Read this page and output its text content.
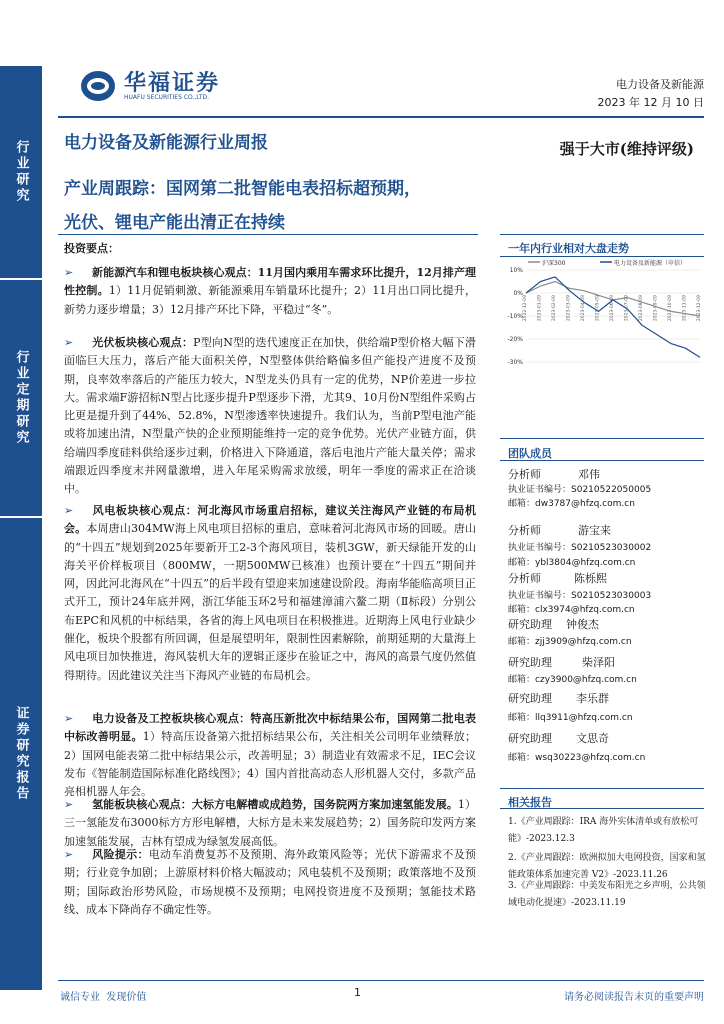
华福证券
HUAFU SECURITIES CO.,LTD.
电力设备及新能源
2023 年 12 月 10 日
行业研究
行业定期研究
证券研究报告
电力设备及新能源行业周报	强于大市(维持评级)
产业周跟踪：国网第二批智能电表招标超预期，
光伏、锂电产能出清正在持续
投资要点：
➢	新能源汽车和锂电板块核心观点：11月国内乘用车需求环比提升，12月排产理性控制。1）11月促销刺激、新能源乘用车销量环比提升；2）11月出口同比提升，新势力逐步增量；3）12月排产环比下降，平稳过“冬”。

➢	光伏板块核心观点：P型向N型的迭代速度正在加快，供给端P型价格大幅下滑面临巨大压力，落后产能大面积关停，N型整体供给略偏多但产能投产进度不及预期，良率效率落后的产能压力较大，N型龙头仍具有一定的优势，NP价差进一步拉大。需求端F游招标N型占比逐步提升P型逐步下滑，尤其9、10月份N型组件采购占比更是提升到了44%、52.8%，N型渗透率快速提升。我们认为，当前P型电池产能或将加速出清，N型量产快的企业预期能维持一定的竞争优势。光伏产业链方面，供给端四季度硅料供给逐步过剩，价格进入下降通道，落后电池片产能大量关停；需求端跟近四季度末并网量激增，进入年尾采购需求放缓，明年一季度的需求正在洽谈中。

➢	风电板块核心观点：河北海风市场重启招标，建议关注海风产业链的布局机会。本周唐山304MW海上风电项目招标的重启，意味着河北海风市场的回暖。唐山的“十四五”规划到2025年要新开工2-3个海风项目，装机3GW，新天绿能开发的山海关平价样板项目（800MW，一期500MW已核准）也预计要在“十四五”期间并网，因此河北海风在“十四五”的后半段有望迎来加速建设阶段。海南华能临高项目正式开工，预计24年底并网，浙江华能玉环2号和福建漳浦六鳌二期（Ⅱ标段）分别公布EPC和风机的中标结果，各省的海上风电项目在积极推进。近期海上风电行业缺少催化，板块个股都有所回调，但是展望明年，限制性因素解除，前期延期的大量海上风电项目加快推进，海风装机大年的逻辑正逐步在验证之中，海风的高景气度仍然值得期待。因此建议关注当下海风产业链的布局机会。

➢	电力设备及工控板块核心观点：特高压新批次中标结果公布，国网第二批电表中标改善明显。1）特高压设备第六批招标结果公布，关注相关公司明年业绩释放；2）国网电能表第二批中标结果公示，改善明显；3）制造业有效需求不足，IEC会议发布《智能制造国际标准化路线图》；4）国内首批高动态人形机器人交付，多款产品亮相机器人年会。

➢	氢能板块核心观点：大标方电解槽或成趋势，国务院两方案加速氢能发展。1）三一氢能发布3000标方方形电解槽，大标方是未来发展趋势；2）国务院印发两方案加速氢能发展，吉林有望成为绿氢发展高低。

➢	风险提示：电动车消费复苏不及预期、海外政策风险等；光伏下游需求不及预期；行业竞争加剧；上游原材料价格大幅波动；风电装机不及预期；政策落地不及预期；国际政治形势风险，市场规模不及预期；电网投资进度不及预期；氢能技术路线、成本下降尚存不确定性等。

一年内行业相对大盘走势
沪深300	电力设备及新能源（申信）
10%
0%
-10%
-20%
-30%
2022-12-09 2023-01-09 2023-02-09 2023-03-09 2023-04-09 2023-05-09 2023-06-09 2023-07-09 2023-08-09 2023-09-09 2023-10-09 2023-11-09 2023-12-09
团队成员
分析师	邓伟
执业证书编号：S0210522050005
邮箱：dw3787@hfzq.com.cn
分析师	游宝来
执业证书编号：S0210523030002
邮箱：ybl3804@hfzq.com.cn
分析师	陈栎熙
执业证书编号：S0210523030003
邮箱：clx3974@hfzq.com.cn
研究助理 钟俊杰
邮箱：zjj3909@hfzq.com.cn
研究助理	柴泽阳
邮箱：czy3900@hfzq.com.cn
研究助理 李乐群
邮箱：llq3911@hfzq.com.cn
研究助理 文思奇
邮箱：wsq30223@hfzq.com.cn
相关报告
1.《产业周跟踪：IRA 海外实体清单或有放松可能》-2023.12.3
2.《产业周跟踪：欧洲拟加大电网投资，国家和氢能政策体系加速完善 V2》-2023.11.26
3.《产业周跟踪：中美发布阳光之乡声明，公共领域电动化提速》-2023.11.19
诚信专业  发现价值	1	请务必阅读报告末页的重要声明
